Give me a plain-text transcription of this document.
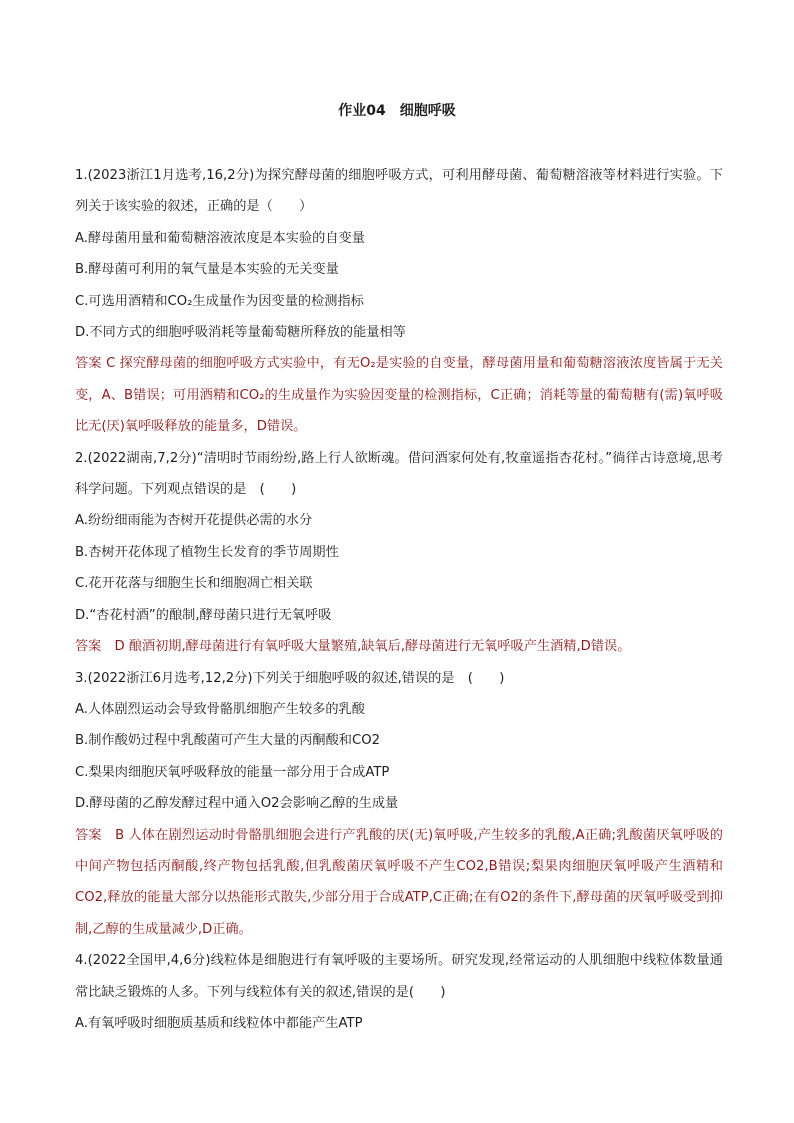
作业04　细胞呼吸
1.(2023浙江1月选考,16,2分)为探究酵母菌的细胞呼吸方式，可利用酵母菌、葡萄糖溶液等材料进行实验。下列关于该实验的叙述，正确的是（　　）
A.酵母菌用量和葡萄糖溶液浓度是本实验的自变量
B.酵母菌可利用的氧气量是本实验的无关变量
C.可选用酒精和CO₂生成量作为因变量的检测指标
D.不同方式的细胞呼吸消耗等量葡萄糖所释放的能量相等
答案 C 探究酵母菌的细胞呼吸方式实验中，有无O₂是实验的自变量，酵母菌用量和葡萄糖溶液浓度皆属于无关变，A、B错误；可用酒精和CO₂的生成量作为实验因变量的检测指标，C正确；消耗等量的葡萄糖有(需)氧呼吸比无(厌)氧呼吸释放的能量多，D错误。
2.(2022湖南,7,2分)“清明时节雨纷纷,路上行人欲断魂。借问酒家何处有,牧童遥指杏花村。”徜徉古诗意境,思考科学问题。下列观点错误的是　(　　)
A.纷纷细雨能为杏树开花提供必需的水分
B.杏树开花体现了植物生长发育的季节周期性
C.花开花落与细胞生长和细胞凋亡相关联
D.“杏花村酒”的酿制,酵母菌只进行无氧呼吸
答案　D 酿酒初期,酵母菌进行有氧呼吸大量繁殖,缺氧后,酵母菌进行无氧呼吸产生酒精,D错误。
3.(2022浙江6月选考,12,2分)下列关于细胞呼吸的叙述,错误的是　(　　)
A.人体剧烈运动会导致骨骼肌细胞产生较多的乳酸
B.制作酸奶过程中乳酸菌可产生大量的丙酮酸和CO2
C.梨果肉细胞厌氧呼吸释放的能量一部分用于合成ATP
D.酵母菌的乙醇发酵过程中通入O2会影响乙醇的生成量
答案　B 人体在剧烈运动时骨骼肌细胞会进行产乳酸的厌(无)氧呼吸,产生较多的乳酸,A正确;乳酸菌厌氧呼吸的中间产物包括丙酮酸,终产物包括乳酸,但乳酸菌厌氧呼吸不产生CO2,B错误;梨果肉细胞厌氧呼吸产生酒精和CO2,释放的能量大部分以热能形式散失,少部分用于合成ATP,C正确;在有O2的条件下,酵母菌的厌氧呼吸受到抑制,乙醇的生成量减少,D正确。
4.(2022全国甲,4,6分)线粒体是细胞进行有氧呼吸的主要场所。研究发现,经常运动的人肌细胞中线粒体数量通常比缺乏锻炼的人多。下列与线粒体有关的叙述,错误的是(　　)
A.有氧呼吸时细胞质基质和线粒体中都能产生ATP
